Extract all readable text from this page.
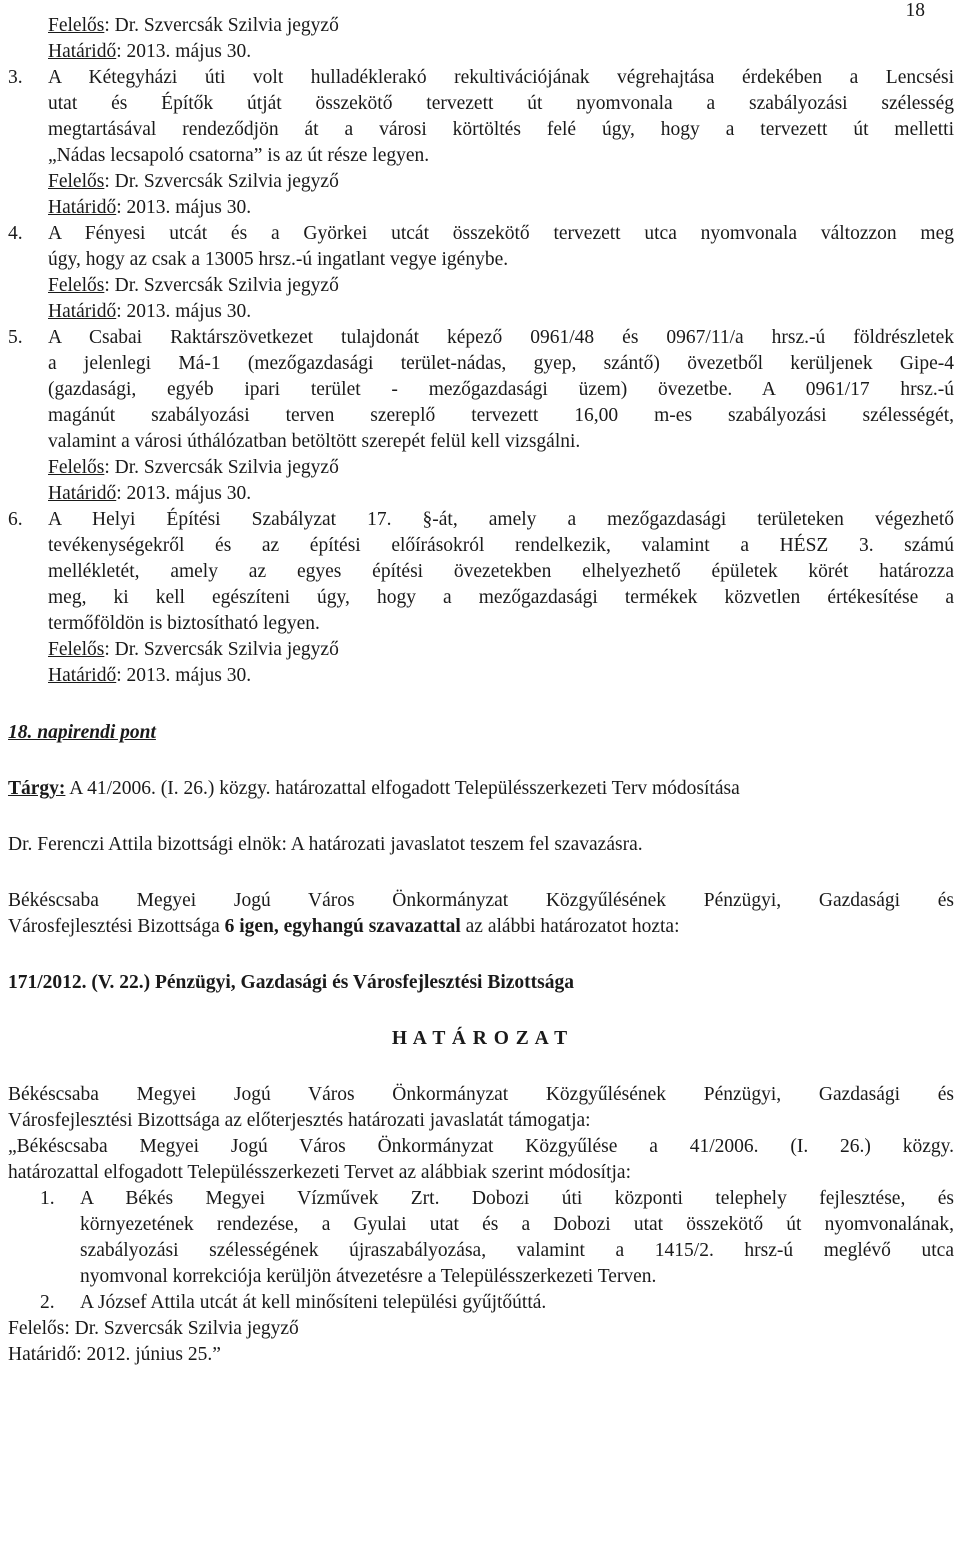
18
Felelős: Dr. Szvercsák Szilvia jegyző
Határidő: 2013. május 30.
3. A Kétegyházi úti volt hulladéklerakó rekultivációjának végrehajtása érdekében a Lencsési
utat és Építők útját összekötő tervezett út nyomvonala a szabályozási szélesség
megtartásával rendeződjön át a városi körtöltés felé úgy, hogy a tervezett út melletti
„Nádas lecsapoló csatorna” is az út része legyen.
Felelős: Dr. Szvercsák Szilvia jegyző
Határidő: 2013. május 30.
4. A Fényesi utcát és a Györkei utcát összekötő tervezett utca nyomvonala változzon meg
úgy, hogy az csak a 13005 hrsz.-ú ingatlant vegye igénybe.
Felelős: Dr. Szvercsák Szilvia jegyző
Határidő: 2013. május 30.
5. A Csabai Raktárszövetkezet tulajdonát képező 0961/48 és 0967/11/a hrsz.-ú földrészletek
a jelenlegi Má-1 (mezőgazdasági terület-nádas, gyep, szántő) övezetből kerüljenek Gipe-4
(gazdasági, egyéb ipari terület - mezőgazdasági üzem) övezetbe. A 0961/17 hrsz.-ú
magánút szabályozási terven szereplő tervezett 16,00 m-es szabályozási szélességét,
valamint a városi úthálózatban betöltött szerepét felül kell vizsgálni.
Felelős: Dr. Szvercsák Szilvia jegyző
Határidő: 2013. május 30.
6. A Helyi Építési Szabályzat 17. §-át, amely a mezőgazdasági területeken végezhető
tevékenységekről és az építési előírásokról rendelkezik, valamint a HÉSZ 3. számú
mellékletét, amely az egyes építési övezetekben elhelyezhető épületek körét határozza
meg, ki kell egészíteni úgy, hogy a mezőgazdasági termékek közvetlen értékesítése a
termőföldön is biztosítható legyen.
Felelős: Dr. Szvercsák Szilvia jegyző
Határidő: 2013. május 30.
18. napirendi pont
Tárgy: A 41/2006. (I. 26.) közgy. határozattal elfogadott Településszerkezeti Terv módosítása
Dr. Ferenczi Attila bizottsági elnök: A határozati javaslatot teszem fel szavazásra.
Békéscsaba Megyei Jogú Város Önkormányzat Közgyűlésének Pénzügyi, Gazdasági és
Városfejlesztési Bizottsága 6 igen, egyhangú szavazattal az alábbi határozatot hozta:
171/2012. (V. 22.) Pénzügyi, Gazdasági és Városfejlesztési Bizottsága
H A T Á R O Z A T
Békéscsaba Megyei Jogú Város Önkormányzat Közgyűlésének Pénzügyi, Gazdasági és
Városfejlesztési Bizottsága az előterjesztés határozati javaslatát támogatja:
„Békéscsaba Megyei Jogú Város Önkormányzat Közgyűlése a 41/2006. (I. 26.) közgy.
határozattal elfogadott Településszerkezeti Tervet az alábbiak szerint módosítja:
1. A Békés Megyei Vízművek Zrt. Dobozi úti központi telephely fejlesztése, és
környezetének rendezése, a Gyulai utat és a Dobozi utat összekötő út nyomvonalának,
szabályozási szélességének újraszabályozása, valamint a 1415/2. hrsz-ú meglévő utca
nyomvonal korrekciója kerüljön átvezetésre a Településszerkezeti Terven.
2. A József Attila utcát át kell minősíteni települési gyűjtőúttá.
Felelős: Dr. Szvercsák Szilvia jegyző
Határidő: 2012. június 25.”
